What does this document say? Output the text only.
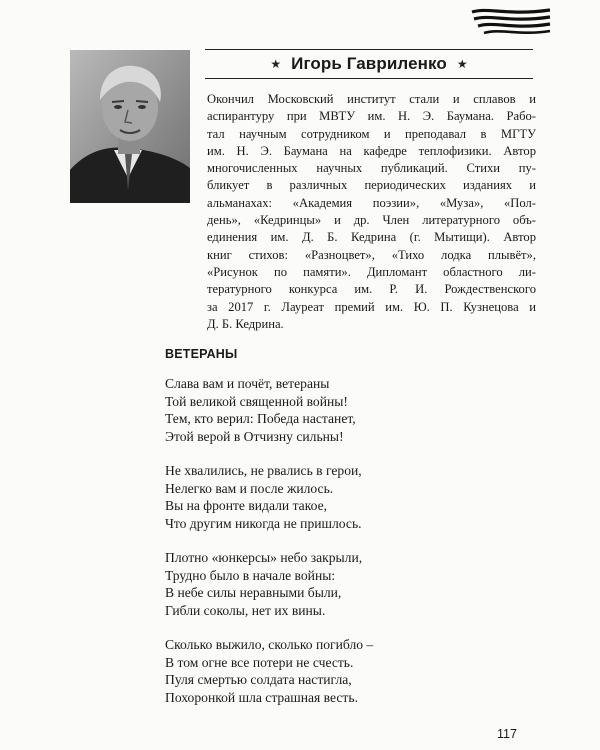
★ Игорь Гавриленко ★
Окончил Московский институт стали и сплавов и
аспирантуру при МВТУ им. Н. Э. Баумана. Рабо-
тал научным сотрудником и преподавал в МГТУ
им. Н. Э. Баумана на кафедре теплофизики. Автор
многочисленных научных публикаций. Стихи пу-
бликует в различных периодических изданиях и
альманахах: «Академия поэзии», «Муза», «Пол-
день», «Кедринцы» и др. Член литературного объ-
единения им. Д. Б. Кедрина (г. Мытищи). Автор
книг стихов: «Разноцвет», «Тихо лодка плывёт»,
«Рисунок по памяти». Дипломант областного ли-
тературного конкурса им. Р. И. Рождественского
за 2017 г. Лауреат премий им. Ю. П. Кузнецова и
Д. Б. Кедрина.
ВЕТЕРАНЫ
Слава вам и почёт, ветераны
Той великой священной войны!
Тем, кто верил: Победа настанет,
Этой верой в Отчизну сильны!
Не хвалились, не рвались в герои,
Нелегко вам и после жилось.
Вы на фронте видали такое,
Что другим никогда не пришлось.
Плотно «юнкерсы» небо закрыли,
Трудно было в начале войны:
В небе силы неравными были,
Гибли соколы, нет их вины.
Сколько выжило, сколько погибло –
В том огне все потери не счесть.
Пуля смертью солдата настигла,
Похоронкой шла страшная весть.
117
